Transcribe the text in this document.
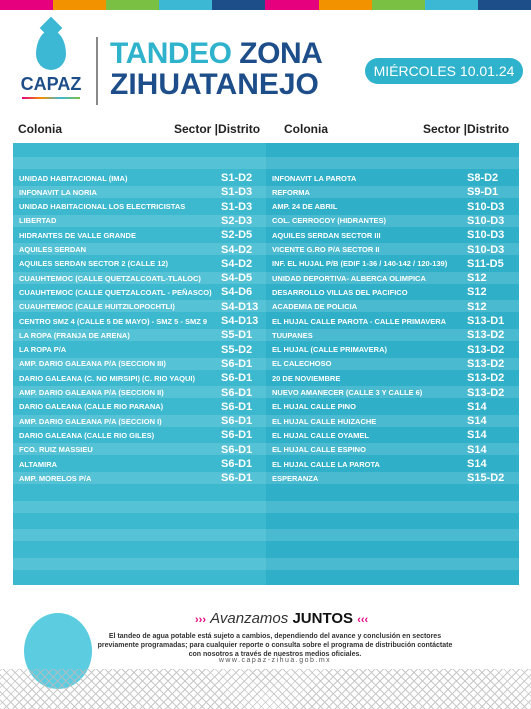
CAPAZ
TANDEO ZONA
ZIHUATANEJO	MIÉRCOLES 10.01.24
Colonia	Sector |Distrito Colonia	Sector |Distrito
UNIDAD HABITACIONAL (IMA)	S1-D2
INFONAVIT LA NORIA	S1-D3
UNIDAD HABITACIONAL LOS ELECTRICISTAS	S1-D3
LIBERTAD	S2-D3
HIDRANTES DE VALLE GRANDE	S2-D5
AQUILES SERDAN	S4-D2
AQUILES SERDAN SECTOR 2 (CALLE 12)	S4-D2
CUAUHTEMOC (CALLE QUETZALCOATL-TLALOC) S4-D5
CUAUHTEMOC (CALLE QUETZALCOATL - PEÑASCO) S4-D6
CUAUHTEMOC (CALLE HUITZILOPOCHTLI)	S4-D13
CENTRO SMZ 4 (CALLE 5 DE MAYO) - SMZ 5 - SMZ 9 S4-D13
LA ROPA (FRANJA DE ARENA)	S5-D1
LA ROPA P/A	S5-D2
AMP. DARIO GALEANA P/A (SECCION III)	S6-D1
DARIO GALEANA (C. NO MIRSIPI) (C. RIO YAQUI) S6-D1
AMP. DARIO GALEANA P/A (SECCION II)	S6-D1
DARIO GALEANA (CALLE RIO PARANA)	S6-D1
AMP. DARIO GALEANA P/A (SECCION I)	S6-D1
DARIO GALEANA (CALLE RIO GILES)	S6-D1
FCO. RUIZ MASSIEU	S6-D1
ALTAMIRA	S6-D1
AMP. MORELOS P/A	S6-D1
INFONAVIT LA PAROTA	S8-D2
REFORMA	S9-D1
AMP. 24 DE ABRIL	S10-D3
COL. CERROCOY (HIDRANTES)	S10-D3
AQUILES SERDAN SECTOR III	S10-D3
VICENTE G.RO P/A SECTOR II	S10-D3
INF. EL HUJAL P/B (EDIF 1-36 / 140-142 / 120-139) S11-D5
UNIDAD DEPORTIVA- ALBERCA OLIMPICA	S12
DESARROLLO VILLAS DEL PACIFICO	S12
ACADEMIA DE POLICIA	S12
EL HUJAL CALLE PAROTA - CALLE PRIMAVERA S13-D1
TUUPANES	S13-D2
EL HUJAL (CALLE PRIMAVERA)	S13-D2
EL CALECHOSO	S13-D2
20 DE NOVIEMBRE	S13-D2
NUEVO AMANECER (CALLE 3 Y CALLE 6)	S13-D2
EL HUJAL CALLE PINO	S14
EL HUJAL CALLE HUIZACHE	S14
EL HUJAL CALLE OYAMEL	S14
EL HUJAL CALLE ESPINO	S14
EL HUJAL CALLE LA PAROTA	S14
ESPERANZA	S15-D2
››› Avanzamos JUNTOS ‹‹‹
El tandeo de agua potable está sujeto a cambios, dependiendo del avance y conclusión en sectores previamente programadas; para cualquier reporte o consulta sobre el programa de distribución contáctate con nosotros a través de nuestros medios oficiales.
www.capaz-zihua.gob.mx
